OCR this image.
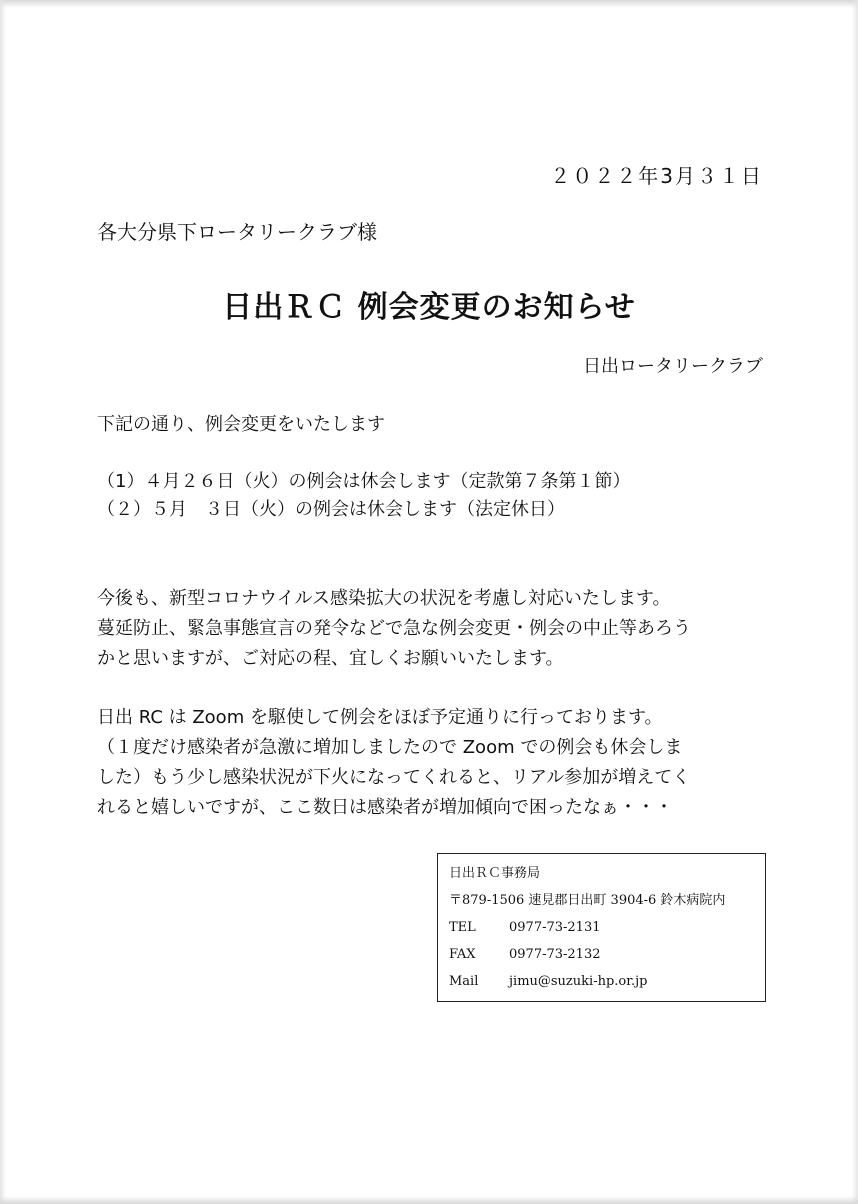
２０２２年3月３１日
各大分県下ロータリークラブ様
日出ＲＣ 例会変更のお知らせ
日出ロータリークラブ
下記の通り、例会変更をいたします
（1）４月２６日（火）の例会は休会します（定款第７条第１節）
（２）５月　３日（火）の例会は休会します（法定休日）
今後も、新型コロナウイルス感染拡大の状況を考慮し対応いたします。
蔓延防止、緊急事態宣言の発令などで急な例会変更・例会の中止等あろう
かと思いますが、ご対応の程、宜しくお願いいたします。
日出 RC は Zoom を駆使して例会をほぼ予定通りに行っております。
（１度だけ感染者が急激に増加しましたので Zoom での例会も休会しま
した）もう少し感染状況が下火になってくれると、リアル参加が増えてく
れると嬉しいですが、ここ数日は感染者が増加傾向で困ったなぁ・・・
日出ＲＣ事務局
〒879-1506 速見郡日出町 3904-6 鈴木病院内
TEL	0977-73-2131
FAX	0977-73-2132
Mail jimu@suzuki-hp.or.jp
